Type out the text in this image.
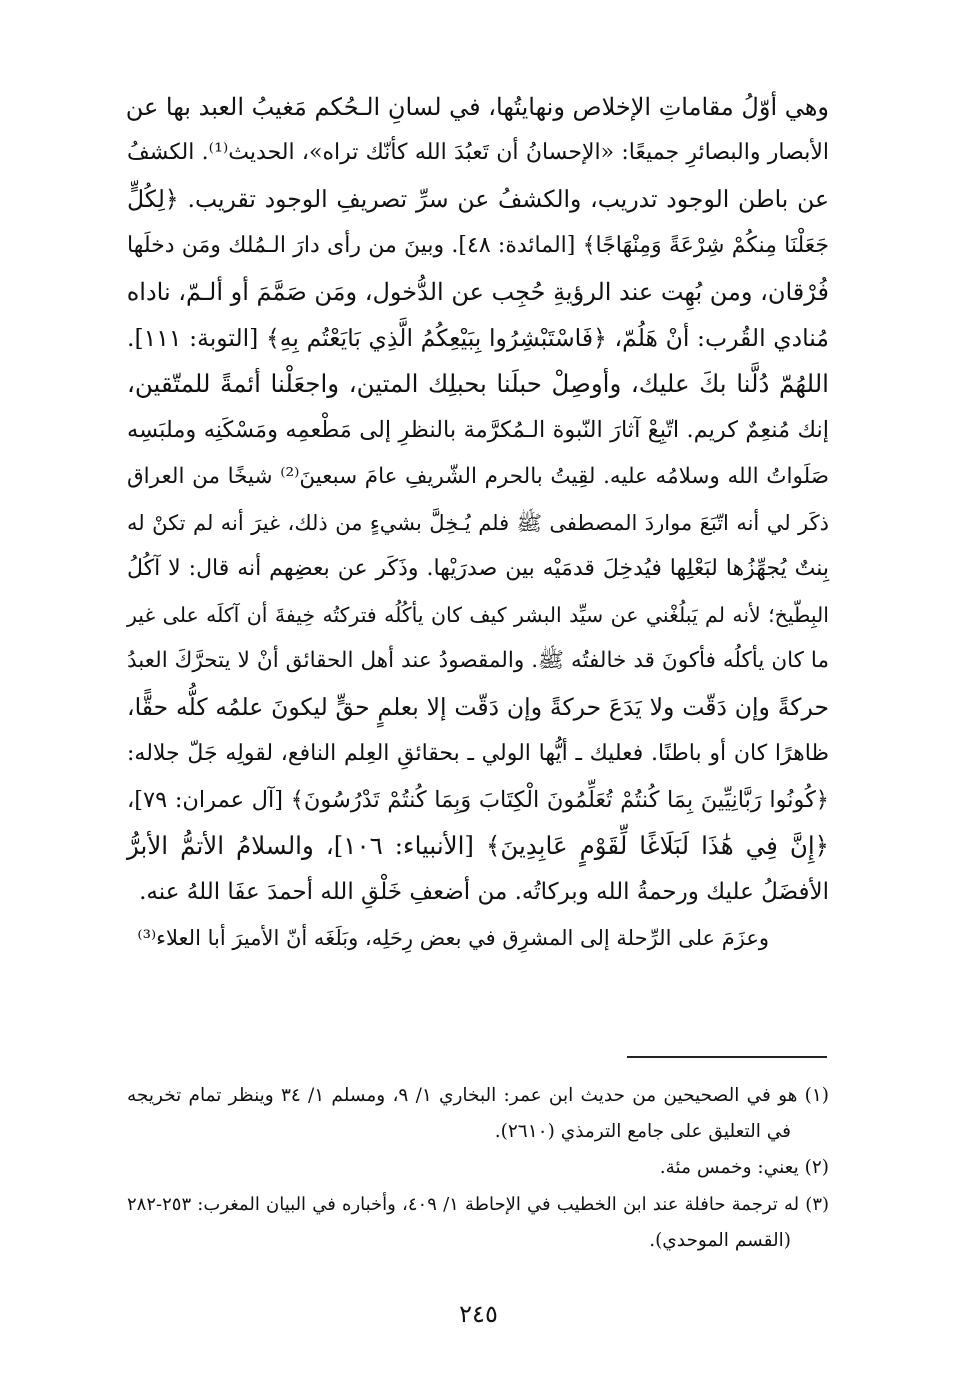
وهي أوّلُ مقاماتِ الإخلاص ونهايتُها، في لسانِ الـحُكم مَغيبُ العبد بها عن
الأبصار والبصائرِ جميعًا: «الإحسانُ أن تَعبُدَ الله كأنّك تراه»، الحديث⁽¹⁾. الكشفُ
عن باطن الوجود تدريب، والكشفُ عن سرِّ تصريفِ الوجود تقريب. ﴿لِكُلٍّ
جَعَلْنَا مِنكُمْ شِرْعَةً وَمِنْهَاجًا﴾ [المائدة: ٤٨]. وبينَ من رأى دارَ الـمُلك ومَن دخلَها
فُرْقان، ومن بُهِت عند الرؤيةِ حُجِب عن الدُّخول، ومَن صَمَّمَ أو ألـمّ، ناداه
مُنادي القُرب: أنْ هَلُمّ، ﴿فَاسْتَبْشِرُوا بِبَيْعِكُمُ الَّذِي بَايَعْتُم بِهِ﴾ [التوبة: ١١١].
اللهُمّ دُلَّنا بكَ عليك، وأوصِلْ حبلَنا بحبلِك المتين، واجعَلْنا أئمةً للمتّقين،
إنك مُنعِمٌ كريم. اتّبِعْ آثارَ النّبوة الـمُكرَّمة بالنظرِ إلى مَطْعمِه ومَسْكَنِه وملبَسِه
صَلَواتُ الله وسلامُه عليه. لقِيتُ بالحرم الشّريفِ عامَ سبعينَ⁽²⁾ شيخًا من العراق
ذكَر لي أنه اتّبَعَ مواردَ المصطفى ﷺ فلم يُـخِلَّ بشيءٍ من ذلك، غيرَ أنه لم تكنْ له
بِنتٌ يُجهِّزُها لبَعْلِها فيُدخِلَ قدمَيْه بين صدرَيْها. وذَكَر عن بعضِهم أنه قال: لا آكُلُ
البِطّيخ؛ لأنه لم يَبلُغْني عن سيِّد البشر كيف كان يأكُلُه فتركتُه خِيفةَ أن آكلَه على غير
ما كان يأكلُه فأكونَ قد خالفتُه ﷺ. والمقصودُ عند أهل الحقائق أنْ لا يتحرَّكَ العبدُ
حركةً وإن دَقّت ولا يَدَعَ حركةً وإن دَقّت إلا بعلمٍ حقٍّ ليكونَ علمُه كلُّه حقًّا،
ظاهرًا كان أو باطنًا. فعليك ـ أيُّها الولي ـ بحقائقِ العِلم النافع، لقولِه جَلّ جلاله:
﴿كُونُوا رَبَّانِيِّينَ بِمَا كُنتُمْ تُعَلِّمُونَ الْكِتَابَ وَبِمَا كُنتُمْ تَدْرُسُونَ﴾ [آل عمران: ٧٩]،
﴿إِنَّ فِي هَٰذَا لَبَلَاغًا لِّقَوْمٍ عَابِدِينَ﴾ [الأنبياء: ١٠٦]، والسلامُ الأتمُّ الأبرُّ
الأفضَلُ عليك ورحمةُ الله وبركاتُه. من أضعفِ خَلْقِ الله أحمدَ عفَا اللهُ عنه.
وعزَمَ على الرِّحلة إلى المشرِق في بعض رِحَلِه، وبَلَغَه أنّ الأميرَ أبا العلاء⁽³⁾
(١) هو في الصحيحين من حديث ابن عمر: البخاري ١/ ٩، ومسلم ١/ ٣٤ وينظر تمام تخريجه
في التعليق على جامع الترمذي (٢٦١٠).
(٢) يعني: وخمس مئة.
(٣) له ترجمة حافلة عند ابن الخطيب في الإحاطة ١/ ٤٠٩، وأخباره في البيان المغرب: ٢٥٣-٢٨٢
(القسم الموحدي).
٢٤٥
